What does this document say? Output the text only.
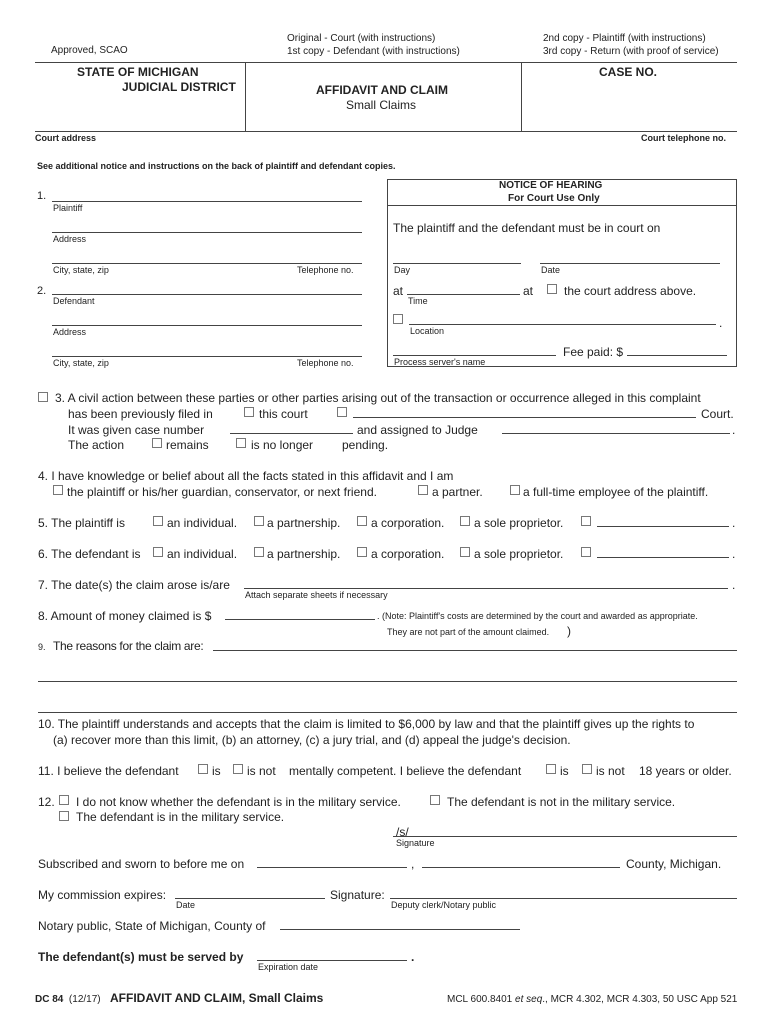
Approved, SCAO
Original - Court (with instructions)
1st copy - Defendant (with instructions)
2nd copy - Plaintiff (with instructions)
3rd copy - Return (with proof of service)
STATE OF MICHIGAN
JUDICIAL DISTRICT	AFFIDAVIT AND CLAIM
Small Claims
CASE NO.
Court address	Court telephone no.
See additional notice and instructions on the back of plaintiff and defendant copies.
1.
Plaintiff
Address
City, state, zip	Telephone no.
2.
Defendant
Address
City, state, zip	Telephone no.
NOTICE OF HEARING
For Court Use Only
The plaintiff and the defendant must be in court on
Day	Date
at
Time
at	the court address above.
.
Location
Process server's name
Fee paid: $
3. A civil action between these parties or other parties arising out of the transaction or occurrence alleged in this complaint
has been previously filed in	this court	Court.
It was given case number	and assigned to Judge	.
The action	remains	is no longer pending.
4. I have knowledge or belief about all the facts stated in this affidavit and I am
the plaintiff or his/her guardian, conservator, or next friend.	a partner.	a full-time employee of the plaintiff.
5. The plaintiff is	an individual. a partnership.	a corporation. a sole proprietor.	.
6. The defendant is an individual. a partnership.	a corporation. a sole proprietor.	.
7. The date(s) the claim arose is/are	.
Attach separate sheets if necessary
8. Amount of money claimed is $	. (Note: Plaintiff's costs are determined by the court and awarded as appropriate.
They are not part of the amount claimed. )
9. The reasons for the claim are:
10. The plaintiff understands and accepts that the claim is limited to $6,000 by law and that the plaintiff gives up the rights to
(a) recover more than this limit, (b) an attorney, (c) a jury trial, and (d) appeal the judge's decision.
11. I believe the defendant	is is not mentally competent. I believe the defendant	is is not 18 years or older.
12. I do not know whether the defendant is in the military service.	The defendant is not in the military service.
The defendant is in the military service.
/s/
Signature
Subscribed and sworn to before me on	,	County, Michigan.
My commission expires:
Date
Signature:
Deputy clerk/Notary public
Notary public, State of Michigan, County of
The defendant(s) must be served by	.
Expiration date
DC 84 (12/17) AFFIDAVIT AND CLAIM, Small Claims	MCL 600.8401 et seq., MCR 4.302, MCR 4.303, 50 USC App 521
